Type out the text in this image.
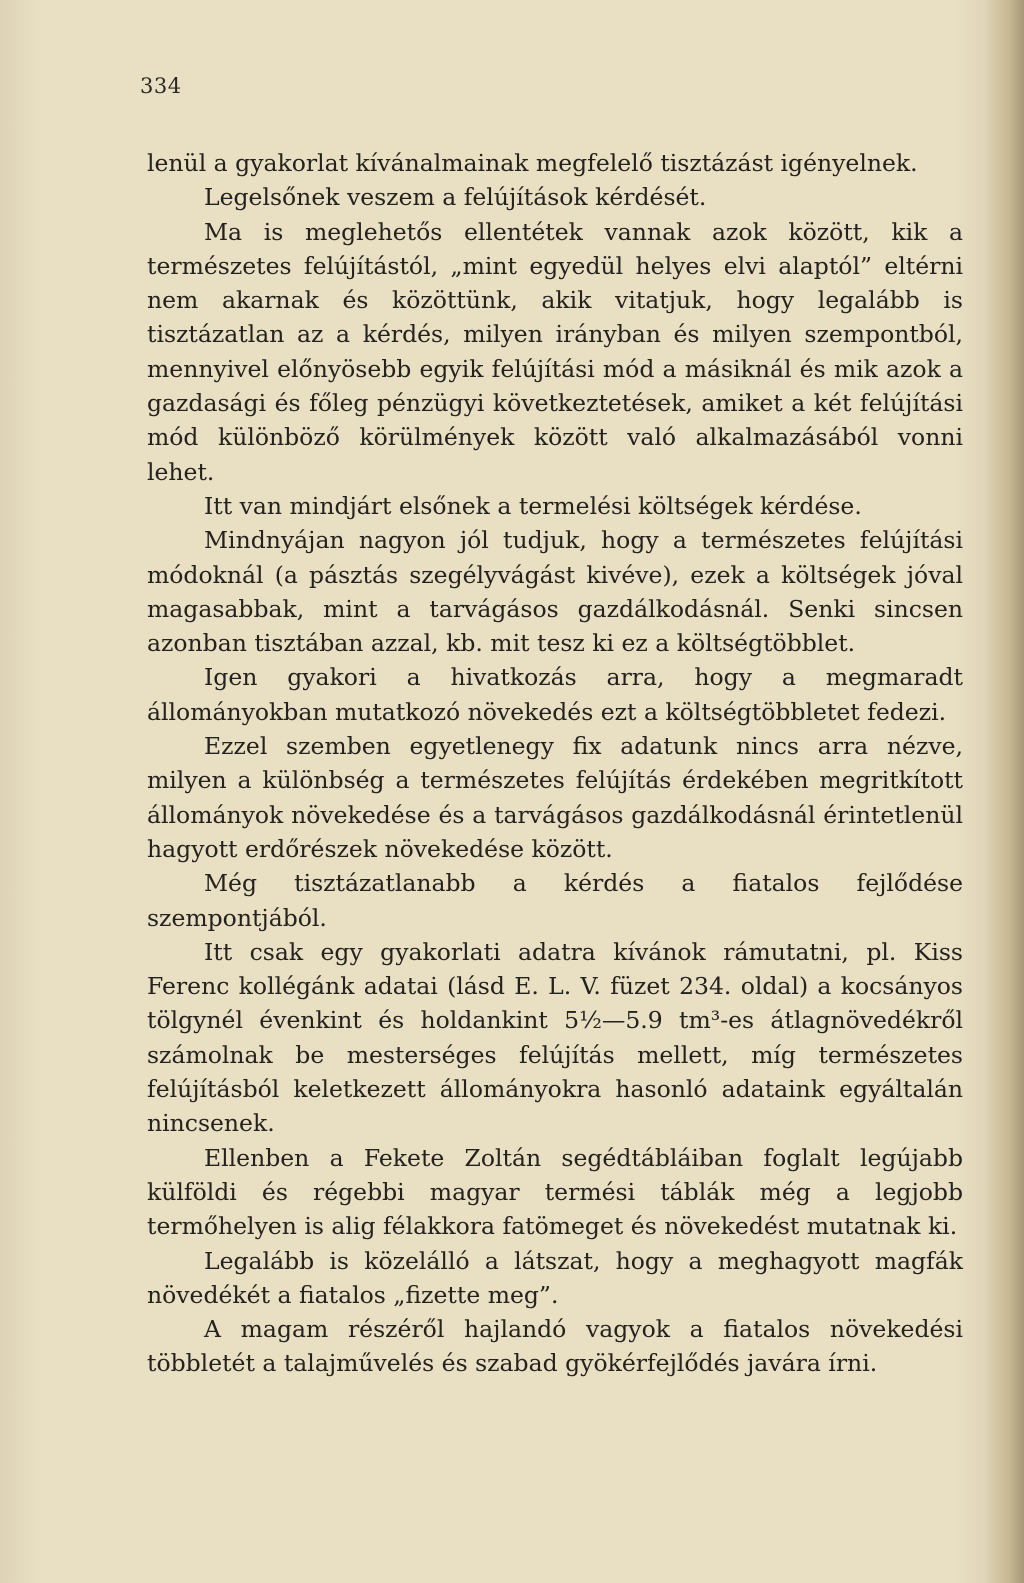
334

lenül a gyakorlat kívánalmainak megfelelő tisztázást igényelnek.

Legelsőnek veszem a felújítások kérdését.

Ma is meglehetős ellentétek vannak azok között, kik a természetes felújítástól, „mint egyedül helyes elvi alaptól” eltérni nem akarnak és közöttünk, akik vitatjuk, hogy legalább is tisztázatlan az a kérdés, milyen irányban és milyen szempontból, mennyivel előnyösebb egyik felújítási mód a másiknál és mik azok a gazdasági és főleg pénzügyi következtetések, amiket a két felújítási mód különböző körülmények között való alkalmazásából vonni lehet.

Itt van mindjárt elsőnek a termelési költségek kérdése.

Mindnyájan nagyon jól tudjuk, hogy a természetes felújítási módoknál (a pásztás szegélyvágást kivéve), ezek a költségek jóval magasabbak, mint a tarvágásos gazdálkodásnál. Senki sincsen azonban tisztában azzal, kb. mit tesz ki ez a költségtöbblet.

Igen gyakori a hivatkozás arra, hogy a megmaradt állományokban mutatkozó növekedés ezt a költségtöbbletet fedezi.

Ezzel szemben egyetlenegy fix adatunk nincs arra nézve, milyen a különbség a természetes felújítás érdekében megritkított állományok növekedése és a tarvágásos gazdálkodásnál érintetlenül hagyott erdőrészek növekedése között.

Még tisztázatlanabb a kérdés a fiatalos fejlődése szempontjából.

Itt csak egy gyakorlati adatra kívánok rámutatni, pl. Kiss Ferenc kollégánk adatai (lásd E. L. V. füzet 234. oldal) a kocsányos tölgynél évenkint és holdankint 5½—5.9 tm³-es átlagnövedékről számolnak be mesterséges felújítás mellett, míg természetes felújításból keletkezett állományokra hasonló adataink egyáltalán nincsenek.

Ellenben a Fekete Zoltán segédtábláiban foglalt legújabb külföldi és régebbi magyar termési táblák még a legjobb termőhelyen is alig félakkora fatömeget és növekedést mutatnak ki.

Legalább is közelálló a látszat, hogy a meghagyott magfák növedékét a fiatalos „fizette meg”.

A magam részéről hajlandó vagyok a fiatalos növekedési többletét a talajművelés és szabad gyökérfejlődés javára írni.
